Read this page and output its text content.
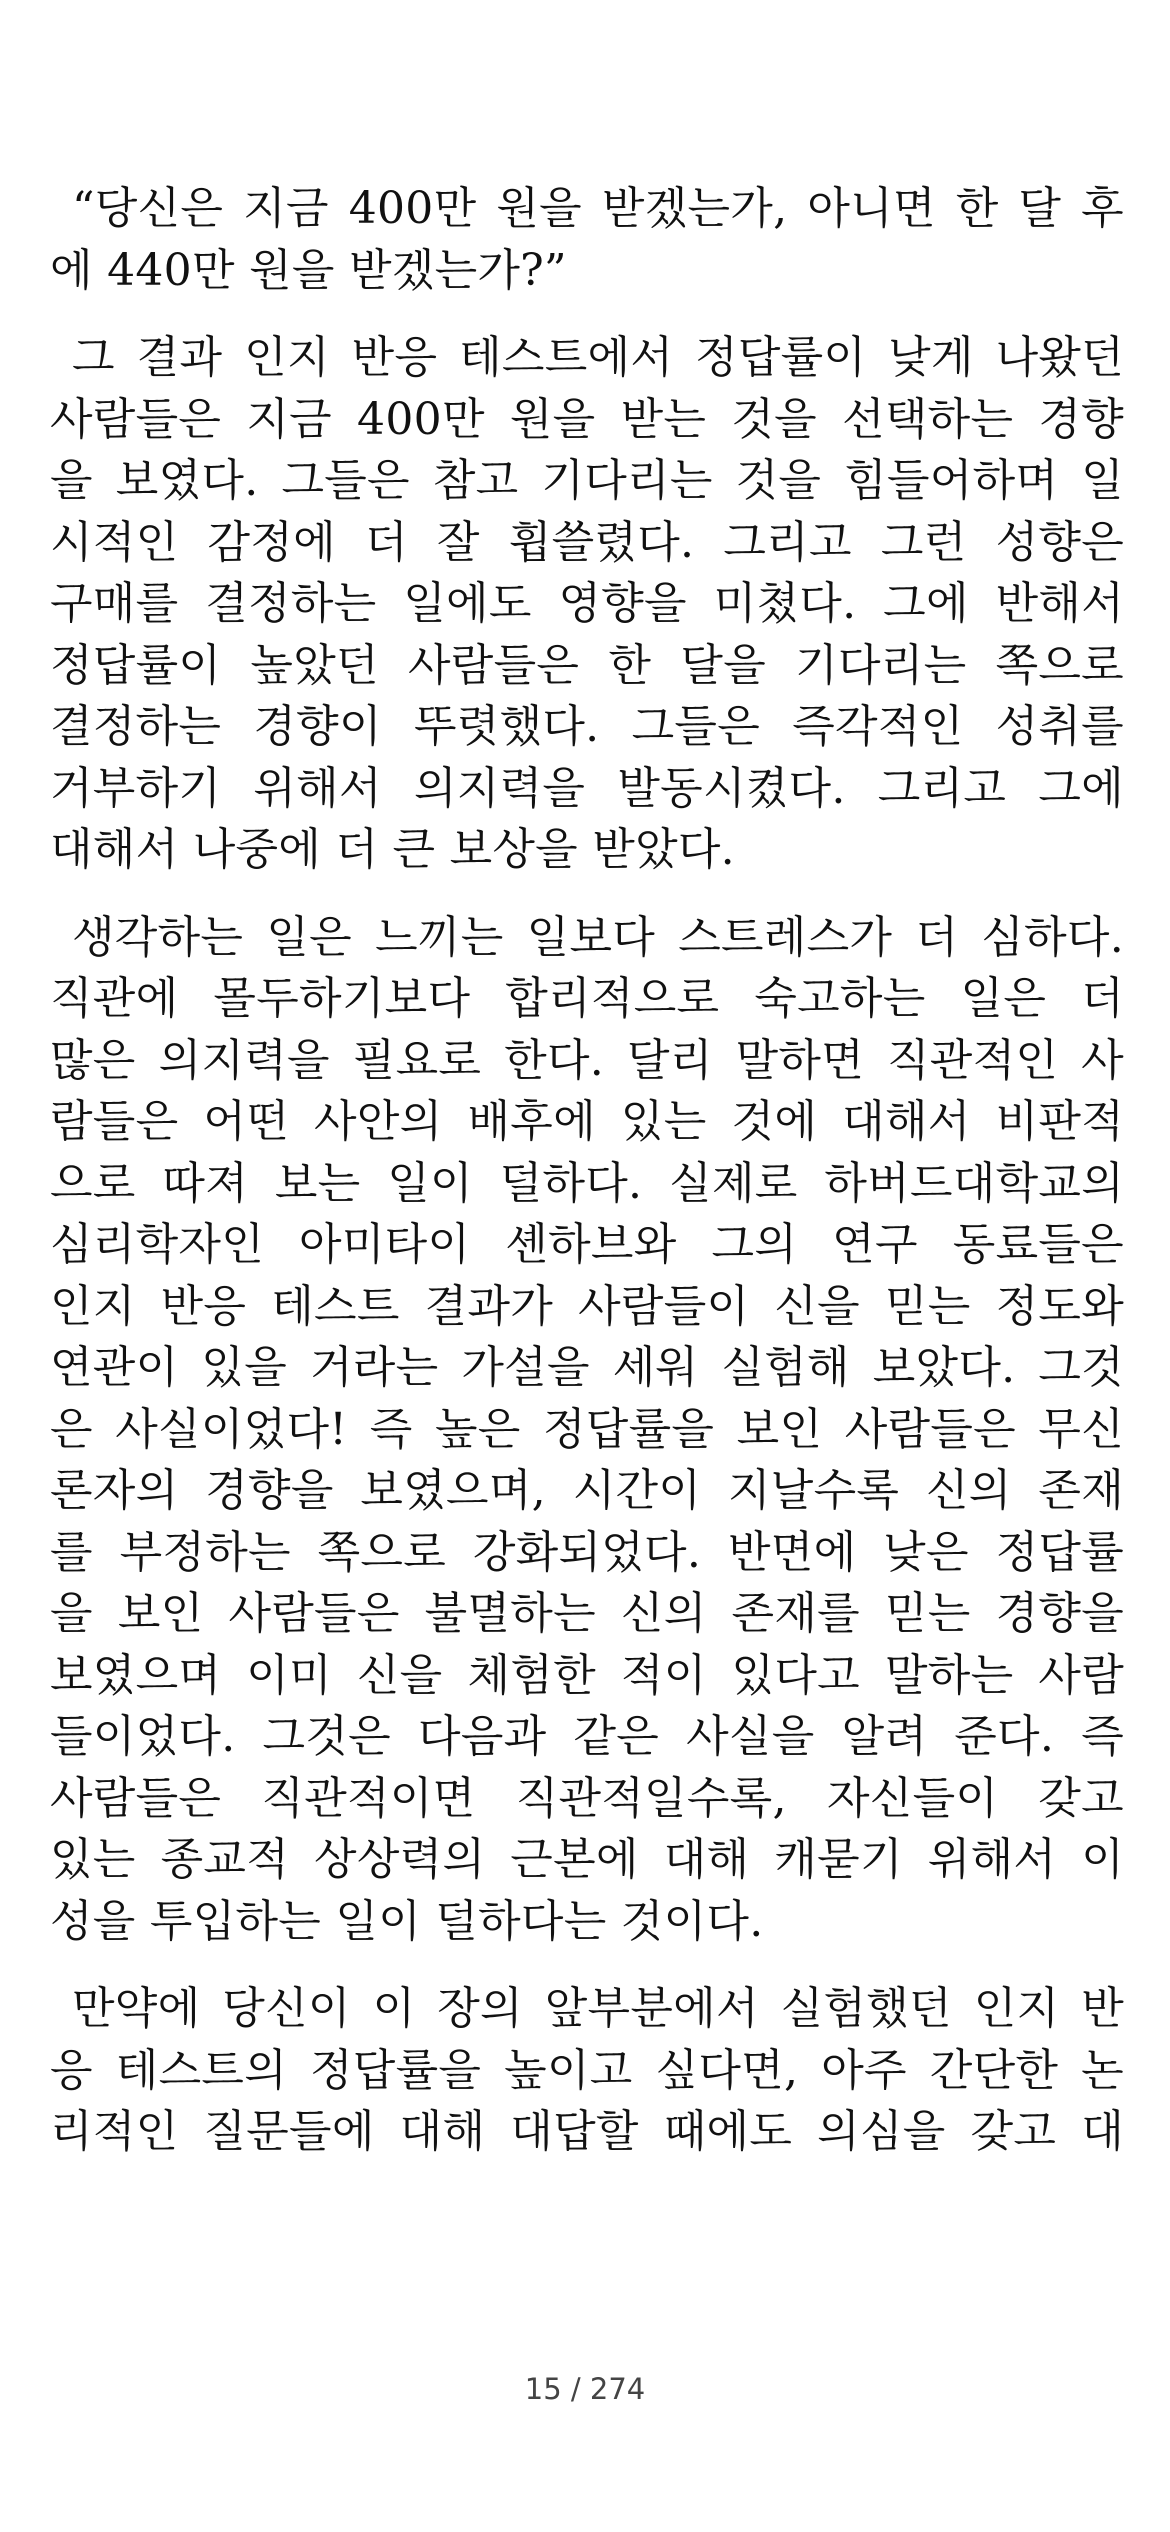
“당신은 지금 400만 원을 받겠는가, 아니면 한 달 후
에 440만 원을 받겠는가?”
그 결과 인지 반응 테스트에서 정답률이 낮게 나왔던
사람들은 지금 400만 원을 받는 것을 선택하는 경향
을 보였다. 그들은 참고 기다리는 것을 힘들어하며 일
시적인 감정에 더 잘 휩쓸렸다. 그리고 그런 성향은
구매를 결정하는 일에도 영향을 미쳤다. 그에 반해서
정답률이 높았던 사람들은 한 달을 기다리는 쪽으로
결정하는 경향이 뚜렷했다. 그들은 즉각적인 성취를
거부하기 위해서 의지력을 발동시켰다. 그리고 그에
대해서 나중에 더 큰 보상을 받았다.
생각하는 일은 느끼는 일보다 스트레스가 더 심하다.
직관에 몰두하기보다 합리적으로 숙고하는 일은 더
많은 의지력을 필요로 한다. 달리 말하면 직관적인 사
람들은 어떤 사안의 배후에 있는 것에 대해서 비판적
으로 따져 보는 일이 덜하다. 실제로 하버드대학교의
심리학자인 아미타이 셴하브와 그의 연구 동료들은
인지 반응 테스트 결과가 사람들이 신을 믿는 정도와
연관이 있을 거라는 가설을 세워 실험해 보았다. 그것
은 사실이었다! 즉 높은 정답률을 보인 사람들은 무신
론자의 경향을 보였으며, 시간이 지날수록 신의 존재
를 부정하는 쪽으로 강화되었다. 반면에 낮은 정답률
을 보인 사람들은 불멸하는 신의 존재를 믿는 경향을
보였으며 이미 신을 체험한 적이 있다고 말하는 사람
들이었다. 그것은 다음과 같은 사실을 알려 준다. 즉
사람들은 직관적이면 직관적일수록, 자신들이 갖고
있는 종교적 상상력의 근본에 대해 캐묻기 위해서 이
성을 투입하는 일이 덜하다는 것이다.
만약에 당신이 이 장의 앞부분에서 실험했던 인지 반
응 테스트의 정답률을 높이고 싶다면, 아주 간단한 논
리적인 질문들에 대해 대답할 때에도 의심을 갖고 대
15 / 274
